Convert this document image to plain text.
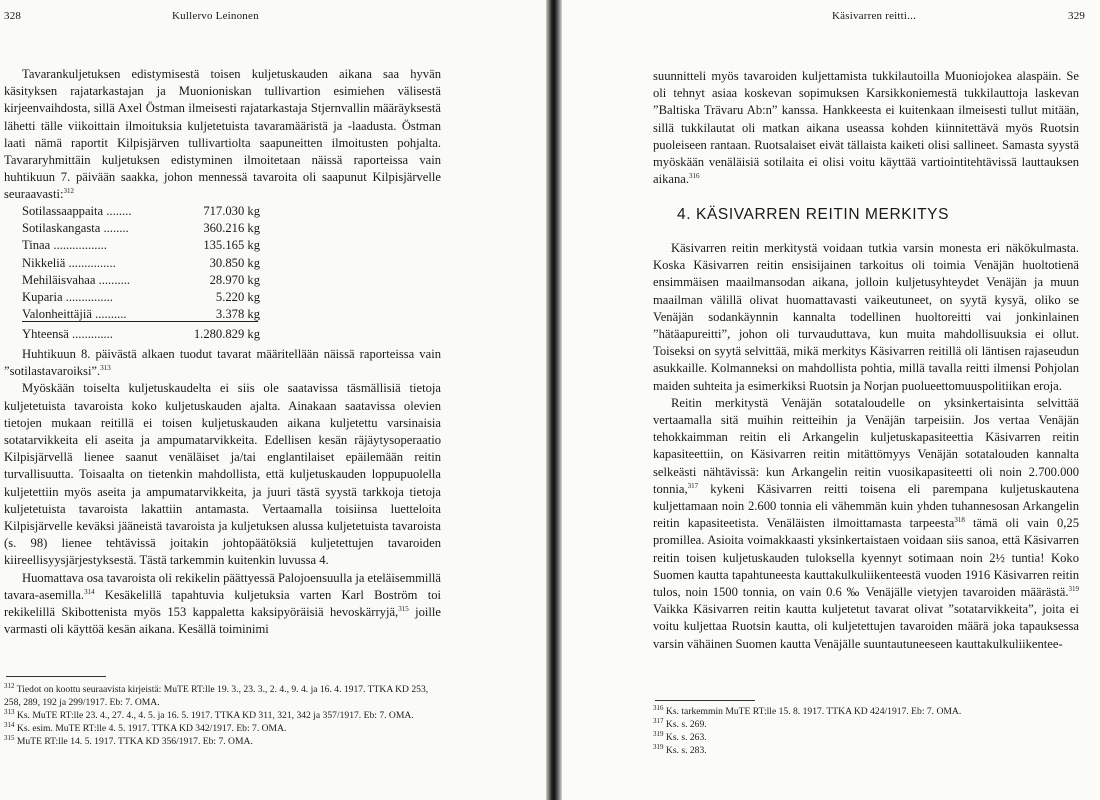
328	Kullervo Leinonen

Tavarankuljetuksen edistymisestä toisen kuljetuskauden aikana saa hyvän käsityksen rajatarkastajan ja Muonioniskan tullivartion esimiehen välisestä kirjeenvaihdosta, sillä Axel Östman ilmeisesti rajatarkastaja Stjernvallin määräyksestä lähetti tälle viikoittain ilmoituksia kuljetetuista tavaramääristä ja -laadusta. Östman laati nämä raportit Kilpisjärven tullivartiolta saapuneitten ilmoitusten pohjalta. Tavararyhmittäin kuljetuksen edistyminen ilmoitetaan näissä raporteissa vain huhtikuun 7. päivään saakka, johon mennessä tavaroita oli saapunut Kilpisjärvelle seuraavasti:$^{312}$

Sotilassaappaita ........	717.030 kg
Sotilaskangasta ........	360.216 kg
Tinaa .................	135.165 kg
Nikkeliä ...............	30.850 kg
Mehiläisvahaa ..........	28.970 kg
Kuparia ...............	5.220 kg
Valonheittäjiä ..........	3.378 kg
Yhteensä .............	1.280.829 kg

Huhtikuun 8. päivästä alkaen tuodut tavarat määritellään näissä raporteissa vain ”sotilastavaroiksi”.$^{313}$

Myöskään toiselta kuljetuskaudelta ei siis ole saatavissa täsmällisiä tietoja kuljetetuista tavaroista koko kuljetuskauden ajalta. Ainakaan saatavissa olevien tietojen mukaan reitillä ei toisen kuljetuskauden aikana kuljetettu varsinaisia sotatarvikkeita eli aseita ja ampumatarvikkeita. Edellisen kesän räjäytysoperaatio Kilpisjärvellä lienee saanut venäläiset ja/tai englantilaiset epäilemään reitin turvallisuutta. Toisaalta on tietenkin mahdollista, että kuljetuskauden loppupuolella kuljetettiin myös aseita ja ampumatarvikkeita, ja juuri tästä syystä tarkkoja tietoja kuljetetuista tavaroista lakattiin antamasta. Vertaamalla toisiinsa luetteloita Kilpisjärvelle keväksi jääneistä tavaroista ja kuljetuksen alussa kuljetetuista tavaroista (s. 98) lienee tehtävissä joitakin johtopäätöksiä kuljetettujen tavaroiden kiireellisyysjärjestyksestä. Tästä tarkemmin kuitenkin luvussa 4.

Huomattava osa tavaroista oli rekikelin päättyessä Palojoensuulla ja eteläisemmillä tavara-asemilla.$^{314}$ Kesäkelillä tapahtuvia kuljetuksia varten Karl Boström toi rekikelillä Skibottenista myös 153 kappaletta kaksipyöräisiä hevoskärryjä,$^{315}$ joille varmasti oli käyttöä kesän aikana. Kesällä toiminimi

$^{312}$ Tiedot on koottu seuraavista kirjeistä: MuTE RT:lle 19. 3., 23. 3., 2. 4., 9. 4. ja 16. 4. 1917. TTKA KD 253, 258, 289, 192 ja 299/1917. Eb: 7. OMA.
$^{313}$ Ks. MuTE RT:lle 23. 4., 27. 4., 4. 5. ja 16. 5. 1917. TTKA KD 311, 321, 342 ja 357/1917. Eb: 7. OMA.
$^{314}$ Ks. esim. MuTE RT:lle 4. 5. 1917. TTKA KD 342/1917. Eb: 7. OMA.
$^{315}$ MuTE RT:lle 14. 5. 1917. TTKA KD 356/1917. Eb: 7. OMA.
Käsivarren reitti...	329

suunnitteli myös tavaroiden kuljettamista tukkilautoilla Muoniojokea alaspäin. Se oli tehnyt asiaa koskevan sopimuksen Karsikkoniemestä tukkilauttoja laskevan ”Baltiska Trävaru Ab:n” kanssa. Hankkeesta ei kuitenkaan ilmeisesti tullut mitään, sillä tukkilautat oli matkan aikana useassa kohden kiinnitettävä myös Ruotsin puoleiseen rantaan. Ruotsalaiset eivät tällaista kaiketi olisi sallineet. Samasta syystä myöskään venäläisiä sotilaita ei olisi voitu käyttää vartiointitehtävissä lauttauksen aikana.$^{316}$

4. KÄSIVARREN REITIN MERKITYS

Käsivarren reitin merkitystä voidaan tutkia varsin monesta eri näkökulmasta. Koska Käsivarren reitin ensisijainen tarkoitus oli toimia Venäjän huoltotienä ensimmäisen maailmansodan aikana, jolloin kuljetusyhteydet Venäjän ja muun maailman välillä olivat huomattavasti vaikeutuneet, on syytä kysyä, oliko se Venäjän sodankäynnin kannalta todellinen huoltoreitti vai jonkinlainen ”hätäapureitti”, johon oli turvauduttava, kun muita mahdollisuuksia ei ollut. Toiseksi on syytä selvittää, mikä merkitys Käsivarren reitillä oli läntisen rajaseudun asukkaille. Kolmanneksi on mahdollista pohtia, millä tavalla reitti ilmensi Pohjolan maiden suhteita ja esimerkiksi Ruotsin ja Norjan puolueettomuuspolitiikan eroja.

Reitin merkitystä Venäjän sotataloudelle on yksinkertaisinta selvittää vertaamalla sitä muihin reitteihin ja Venäjän tarpeisiin. Jos vertaa Venäjän tehokkaimman reitin eli Arkangelin kuljetuskapasiteettia Käsivarren reitin kapasiteettiin, on Käsivarren reitin mitättömyys Venäjän sotatalouden kannalta selkeästi nähtävissä: kun Arkangelin reitin vuosikapasiteetti oli noin 2.700.000 tonnia,$^{317}$ kykeni Käsivarren reitti toisena eli parempana kuljetuskautena kuljettamaan noin 2.600 tonnia eli vähemmän kuin yhden tuhannesosan Arkangelin reitin kapasiteetista. Venäläisten ilmoittamasta tarpeesta$^{318}$ tämä oli vain 0,25 promillea. Asioita voimakkaasti yksinkertaistaen voidaan siis sanoa, että Käsivarren reitin toisen kuljetuskauden tuloksella kyennyt sotimaan noin 2½ tuntia! Koko Suomen kautta tapahtuneesta kauttakulkuliikenteestä vuoden 1916 Käsivarren reitin tulos, noin 1500 tonnia, on vain 0.6 ‰ Venäjälle vietyjen tavaroiden määrästä.$^{319}$ Vaikka Käsivarren reitin kautta kuljetetut tavarat olivat ”sotatarvikkeita”, joita ei voitu kuljettaa Ruotsin kautta, oli kuljetettujen tavaroiden määrä joka tapauksessa varsin vähäinen Suomen kautta Venäjälle suuntautuneeseen kauttakulkuliikentee-

$^{316}$ Ks. tarkemmin MuTE RT:lle 15. 8. 1917. TTKA KD 424/1917. Eb: 7. OMA.
$^{317}$ Ks. s. 269.
$^{319}$ Ks. s. 263.
$^{319}$ Ks. s. 283.
